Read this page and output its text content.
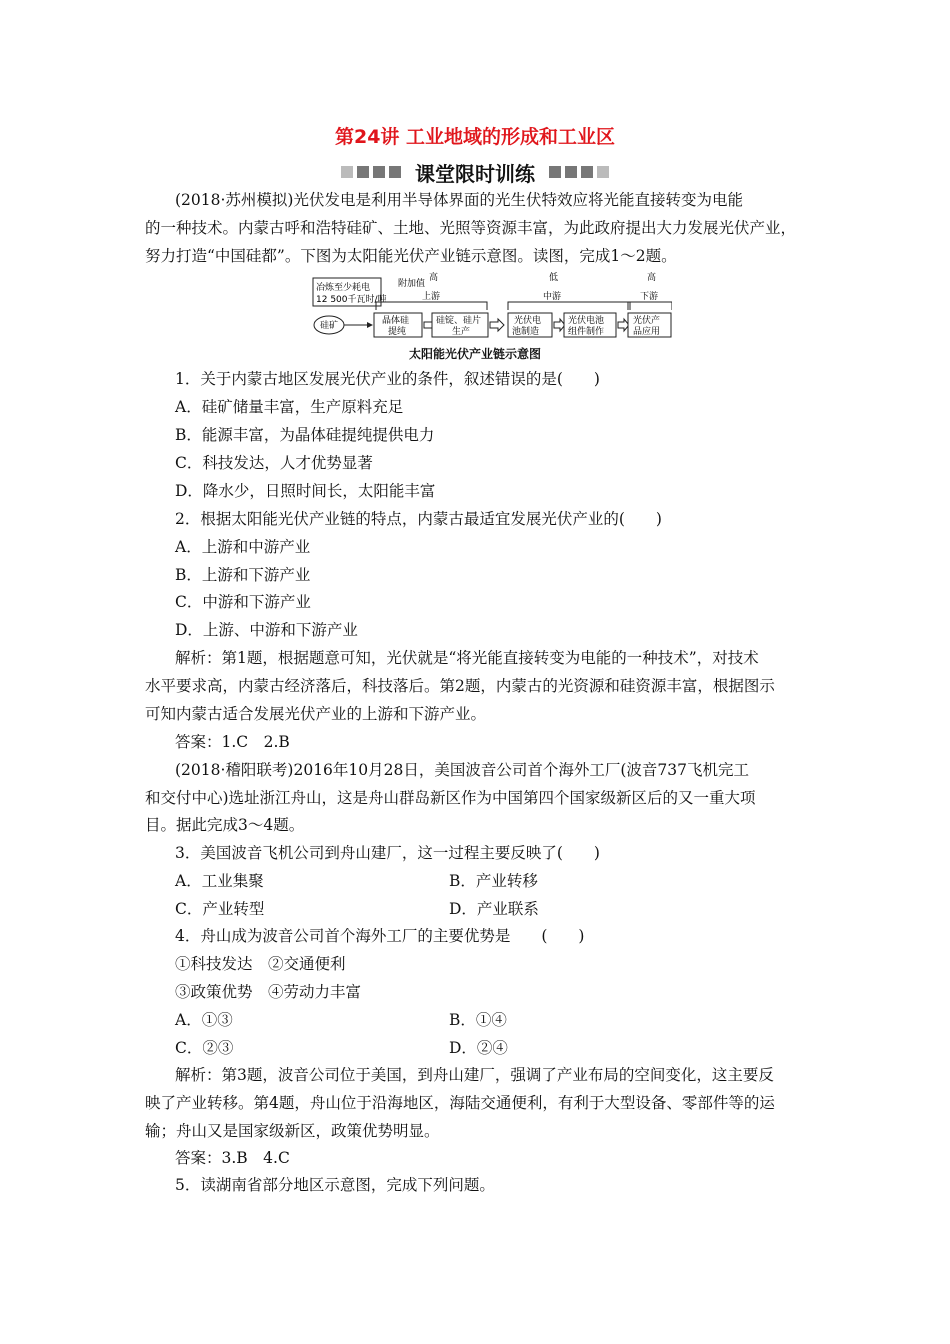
第24讲 工业地域的形成和工业区
课堂限时训练
(2018·苏州模拟)光伏发电是利用半导体界面的光生伏特效应将光能直接转变为电能
的一种技术。内蒙古呼和浩特硅矿、土地、光照等资源丰富，为此政府提出大力发展光伏产业，
努力打造“中国硅都”。下图为太阳能光伏产业链示意图。读图，完成1～2题。
冶炼至少耗电
12 500千瓦时/吨
附加值
高
上游
低
中游
高
下游
硅矿	晶体硅
提纯
硅锭、硅片
生产
光伏电
池制造
光伏电池
组件制作
光伏产
品应用
太阳能光伏产业链示意图
1．关于内蒙古地区发展光伏产业的条件，叙述错误的是(　　)
A．硅矿储量丰富，生产原料充足
B．能源丰富，为晶体硅提纯提供电力
C．科技发达，人才优势显著
D．降水少，日照时间长，太阳能丰富
2．根据太阳能光伏产业链的特点，内蒙古最适宜发展光伏产业的(　　)
A．上游和中游产业
B．上游和下游产业
C．中游和下游产业
D．上游、中游和下游产业
解析：第1题，根据题意可知，光伏就是“将光能直接转变为电能的一种技术”，对技术
水平要求高，内蒙古经济落后，科技落后。第2题，内蒙古的光资源和硅资源丰富，根据图示
可知内蒙古适合发展光伏产业的上游和下游产业。
答案：1.C　2.B
(2018·稽阳联考)2016年10月28日，美国波音公司首个海外工厂(波音737飞机完工
和交付中心)选址浙江舟山，这是舟山群岛新区作为中国第四个国家级新区后的又一重大项
目。据此完成3～4题。
3．美国波音飞机公司到舟山建厂，这一过程主要反映了(　　)
A．工业集聚	B．产业转移
C．产业转型	D．产业联系
4．舟山成为波音公司首个海外工厂的主要优势是　　(　　)
①科技发达　②交通便利
③政策优势　④劳动力丰富
A．①③	B．①④
C．②③	D．②④
解析：第3题，波音公司位于美国，到舟山建厂，强调了产业布局的空间变化，这主要反
映了产业转移。第4题，舟山位于沿海地区，海陆交通便利，有利于大型设备、零部件等的运
输；舟山又是国家级新区，政策优势明显。
答案：3.B　4.C
5．读湖南省部分地区示意图，完成下列问题。
